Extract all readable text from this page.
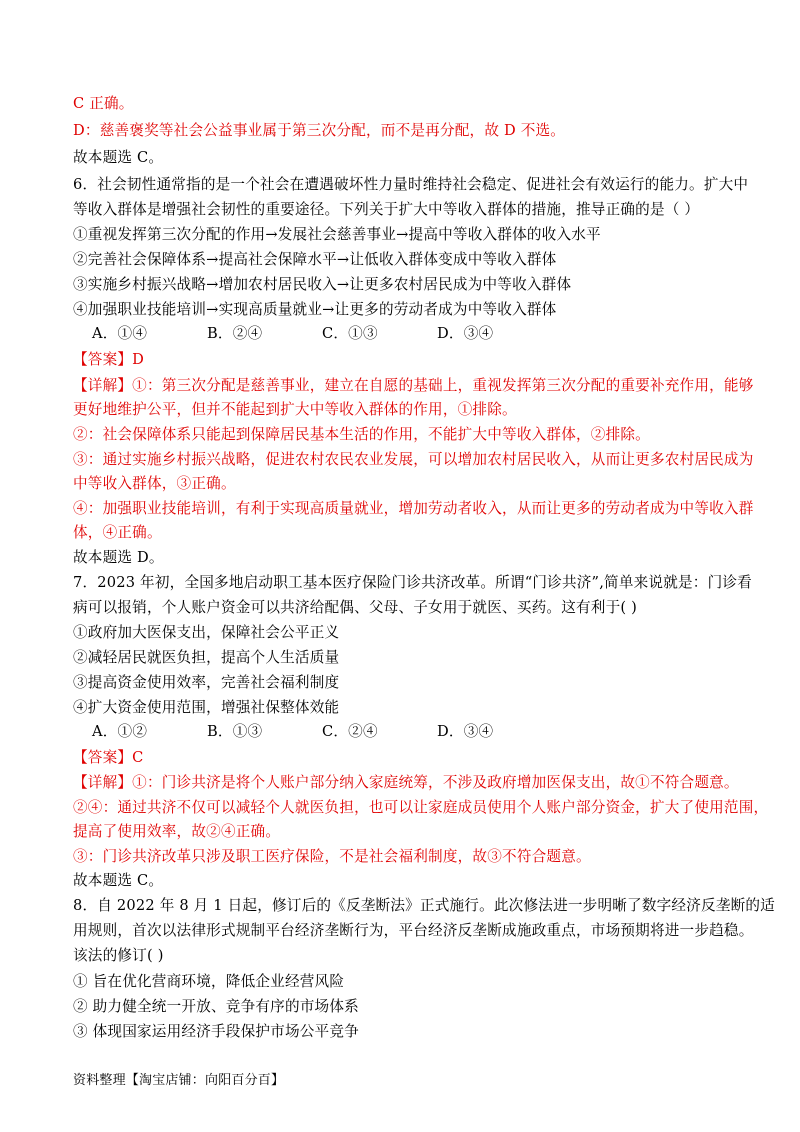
C 正确。

D：慈善褒奖等社会公益事业属于第三次分配，而不是再分配，故 D 不选。

故本题选 C。

6．社会韧性通常指的是一个社会在遭遇破坏性力量时维持社会稳定、促进社会有效运行的能力。扩大中

等收入群体是增强社会韧性的重要途径。下列关于扩大中等收入群体的措施，推导正确的是（ ）

①重视发挥第三次分配的作用→发展社会慈善事业→提高中等收入群体的收入水平

②完善社会保障体系→提高社会保障水平→让低收入群体变成中等收入群体

③实施乡村振兴战略→增加农村居民收入→让更多农村居民成为中等收入群体

④加强职业技能培训→实现高质量就业→让更多的劳动者成为中等收入群体

A．①④	B．②④	C．①③	D．③④

【答案】D

【详解】①：第三次分配是慈善事业，建立在自愿的基础上，重视发挥第三次分配的重要补充作用，能够

更好地维护公平，但并不能起到扩大中等收入群体的作用，①排除。

②：社会保障体系只能起到保障居民基本生活的作用，不能扩大中等收入群体，②排除。

③：通过实施乡村振兴战略，促进农村农民农业发展，可以增加农村居民收入，从而让更多农村居民成为

中等收入群体，③正确。

④：加强职业技能培训，有利于实现高质量就业，增加劳动者收入，从而让更多的劳动者成为中等收入群

体，④正确。

故本题选 D。

7．2023 年初，全国多地启动职工基本医疗保险门诊共济改革。所谓“门诊共济”,简单来说就是：门诊看

病可以报销，个人账户资金可以共济给配偶、父母、子女用于就医、买药。这有利于( )

①政府加大医保支出，保障社会公平正义

②减轻居民就医负担，提高个人生活质量

③提高资金使用效率，完善社会福利制度

④扩大资金使用范围，增强社保整体效能

A．①②	B．①③	C．②④	D．③④

【答案】C

【详解】①：门诊共济是将个人账户部分纳入家庭统筹，不涉及政府增加医保支出，故①不符合题意。

②④：通过共济不仅可以减轻个人就医负担，也可以让家庭成员使用个人账户部分资金，扩大了使用范围，

提高了使用效率，故②④正确。

③：门诊共济改革只涉及职工医疗保险，不是社会福利制度，故③不符合题意。

故本题选 C。

8．自 2022 年 8 月 1 日起，修订后的《反垄断法》正式施行。此次修法进一步明晰了数字经济反垄断的适

用规则，首次以法律形式规制平台经济垄断行为，平台经济反垄断成施政重点，市场预期将进一步趋稳。

该法的修订( )

① 旨在优化营商环境，降低企业经营风险

② 助力健全统一开放、竞争有序的市场体系

③ 体现国家运用经济手段保护市场公平竞争

资料整理【淘宝店铺：向阳百分百】
